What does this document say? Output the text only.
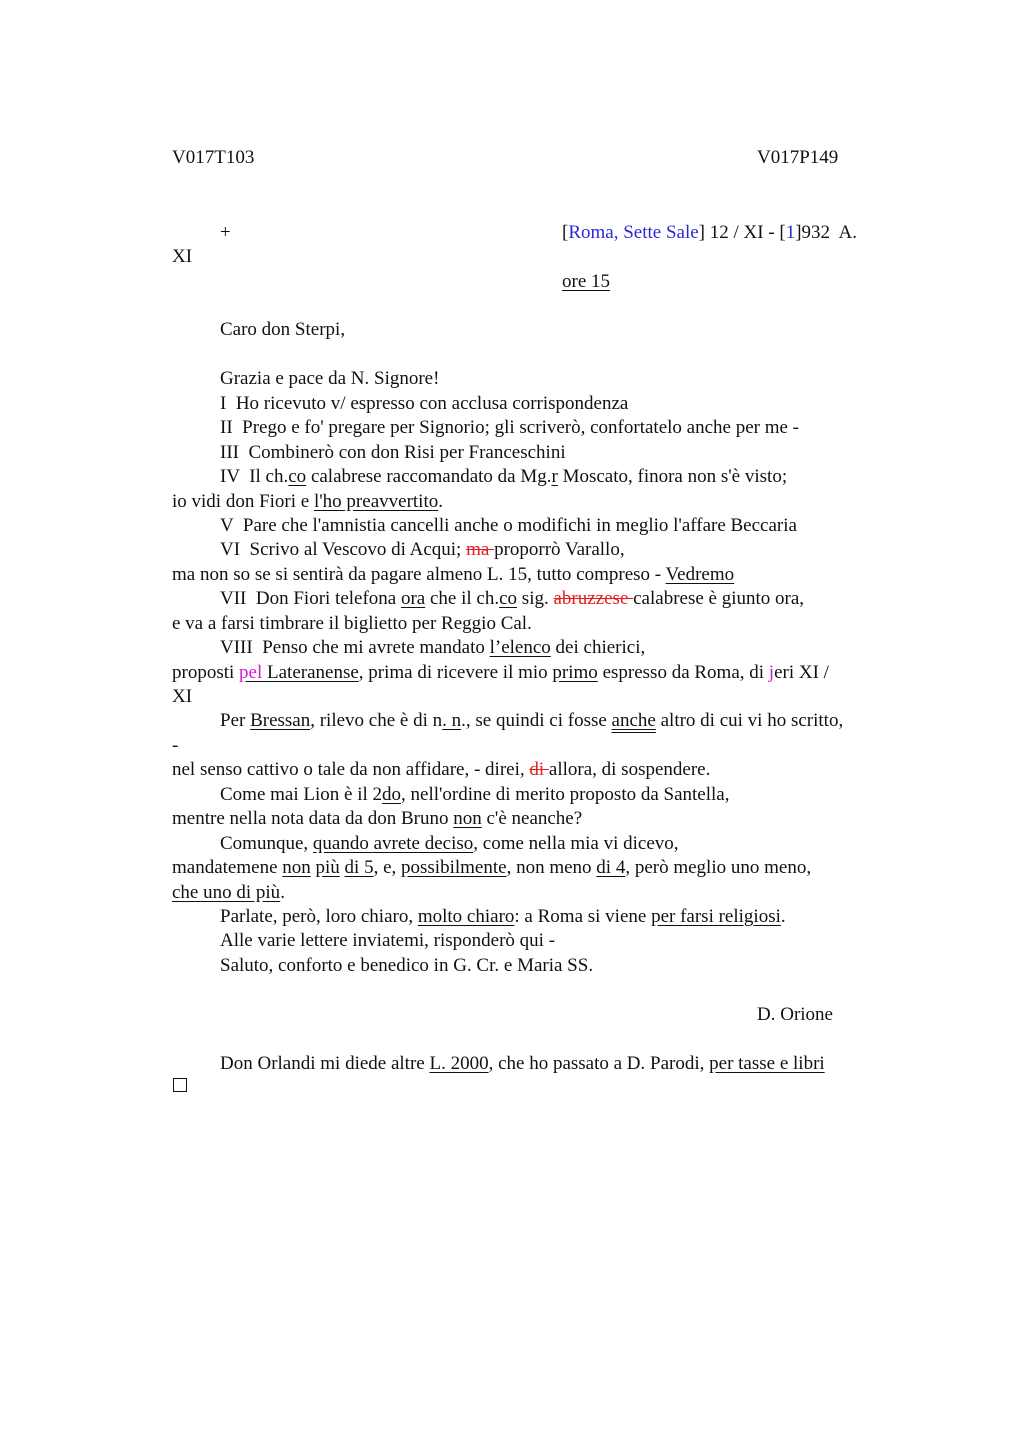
V017T103	V017P149
+	[Roma, Sette Sale] 12 / XI - [1]932  A.
XI
ore 15
Caro don Sterpi,
Grazia e pace da N. Signore!
I  Ho ricevuto v/ espresso con acclusa corrispondenza
II  Prego e fo' pregare per Signorio; gli scriverò, confortatelo anche per me -
III  Combinerò con don Risi per Franceschini
IV  Il ch.co calabrese raccomandato da Mg.r Moscato, finora non s'è visto;
io vidi don Fiori e l'ho preavvertito.
V  Pare che l'amnistia cancelli anche o modifichi in meglio l'affare Beccaria
VI  Scrivo al Vescovo di Acqui; ma proporrò Varallo,
ma non so se si sentirà da pagare almeno L. 15, tutto compreso - Vedremo
VII  Don Fiori telefona ora che il ch.co sig. abruzzese calabrese è giunto ora,
e va a farsi timbrare il biglietto per Reggio Cal.
VIII  Penso che mi avrete mandato l’elenco dei chierici,
proposti pel Lateranense, prima di ricevere il mio primo espresso da Roma, di jeri XI /
XI
Per Bressan, rilevo che è di n. n., se quindi ci fosse anche altro di cui vi ho scritto,
-
nel senso cattivo o tale da non affidare, - direi, di allora, di sospendere.
Come mai Lion è il 2do, nell'ordine di merito proposto da Santella,
mentre nella nota data da don Bruno non c'è neanche?
Comunque, quando avrete deciso, come nella mia vi dicevo,
mandatemene non più di 5, e, possibilmente, non meno di 4, però meglio uno meno,
che uno di più.
Parlate, però, loro chiaro, molto chiaro: a Roma si viene per farsi religiosi.
Alle varie lettere inviatemi, risponderò qui -
Saluto, conforto e benedico in G. Cr. e Maria SS.
D. Orione
Don Orlandi mi diede altre L. 2000, che ho passato a D. Parodi, per tasse e libri
